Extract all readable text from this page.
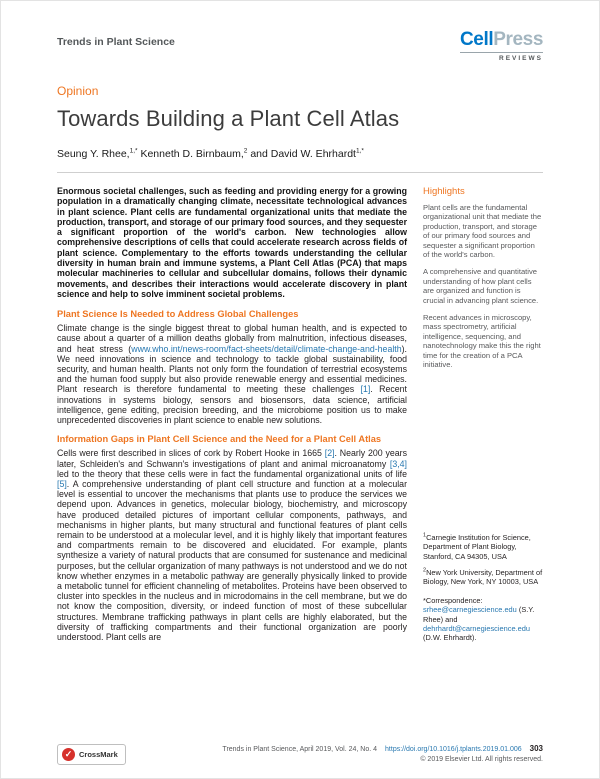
Trends in Plant Science	CellPress
REVIEWS
Opinion
Towards Building a Plant Cell Atlas
Seung Y. Rhee,$^{1,*}$ Kenneth D. Birnbaum,$^2$ and David W. Ehrhardt$^{1,*}$

Enormous societal challenges, such as feeding and providing energy for a growing population in a dramatically changing climate, necessitate technological advances in plant science. Plant cells are fundamental organizational units that mediate the production, transport, and storage of our primary food sources, and they sequester a significant proportion of the world's carbon. New technologies allow comprehensive descriptions of cells that could accelerate research across fields of plant science. Complementary to the efforts towards understanding the cellular diversity in human brain and immune systems, a Plant Cell Atlas (PCA) that maps molecular machineries to cellular and subcellular domains, follows their dynamic movements, and describes their interactions would accelerate discovery in plant science and help to solve imminent societal problems.

Plant Science Is Needed to Address Global Challenges

Climate change is the single biggest threat to global human health, and is expected to cause about a quarter of a million deaths globally from malnutrition, infectious diseases, and heat stress (www.who.int/news-room/fact-sheets/detail/climate-change-and-health). We need innovations in science and technology to tackle global sustainability, food security, and human health. Plants not only form the foundation of terrestrial ecosystems and the human food supply but also provide renewable energy and essential medicines. Plant research is therefore fundamental to meeting these challenges [1]. Recent innovations in systems biology, sensors and biosensors, data science, artificial intelligence, gene editing, precision breeding, and the microbiome position us to make unprecedented discoveries in plant science to enable new solutions.

Information Gaps in Plant Cell Science and the Need for a Plant Cell Atlas

Cells were first described in slices of cork by Robert Hooke in 1665 [2]. Nearly 200 years later, Schleiden's and Schwann's investigations of plant and animal microanatomy [3,4] led to the theory that these cells were in fact the fundamental organizational units of life [5]. A comprehensive understanding of plant cell structure and function at a molecular level is essential to uncover the mechanisms that plants use to produce the services we depend upon. Advances in genetics, molecular biology, biochemistry, and microscopy have produced detailed pictures of important cellular components, pathways, and mechanisms in higher plants, but many structural and functional features of plant cells remain to be understood at a molecular level, and it is highly likely that important features and compartments remain to be discovered and elucidated. For example, plants synthesize a variety of natural products that are consumed for sustenance and medicinal purposes, but the cellular organization of many pathways is not understood and we do not know whether enzymes in a metabolic pathway are generally physically linked to provide a metabolic tunnel for efficient channeling of metabolites. Proteins have been observed to cluster into speckles in the nucleus and in microdomains in the cell membrane, but we do not know the composition, diversity, or indeed function of most of these subcellular structures. Membrane trafficking pathways in plant cells are highly elaborated, but the diversity of trafficking compartments and their functional organization are poorly understood. Plant cells are

Highlights

Plant cells are the fundamental organizational unit that mediate the production, transport, and storage of our primary food sources and sequester a significant proportion of the world's carbon.

A comprehensive and quantitative understanding of how plant cells are organized and function is crucial in advancing plant science.

Recent advances in microscopy, mass spectrometry, artificial intelligence, sequencing, and nanotechnology make this the right time for the creation of a PCA initiative.

$^1$Carnegie Institution for Science, Department of Plant Biology, Stanford, CA 94305, USA

$^2$New York University, Department of Biology, New York, NY 10003, USA

*Correspondence: srhee@carnegiescience.edu (S.Y. Rhee) and dehrhardt@carnegiescience.edu (D.W. Ehrhardt).
✓ CrossMark
Trends in Plant Science, April 2019, Vol. 24, No. 4 https://doi.org/10.1016/j.tplants.2019.01.006 303
© 2019 Elsevier Ltd. All rights reserved.
